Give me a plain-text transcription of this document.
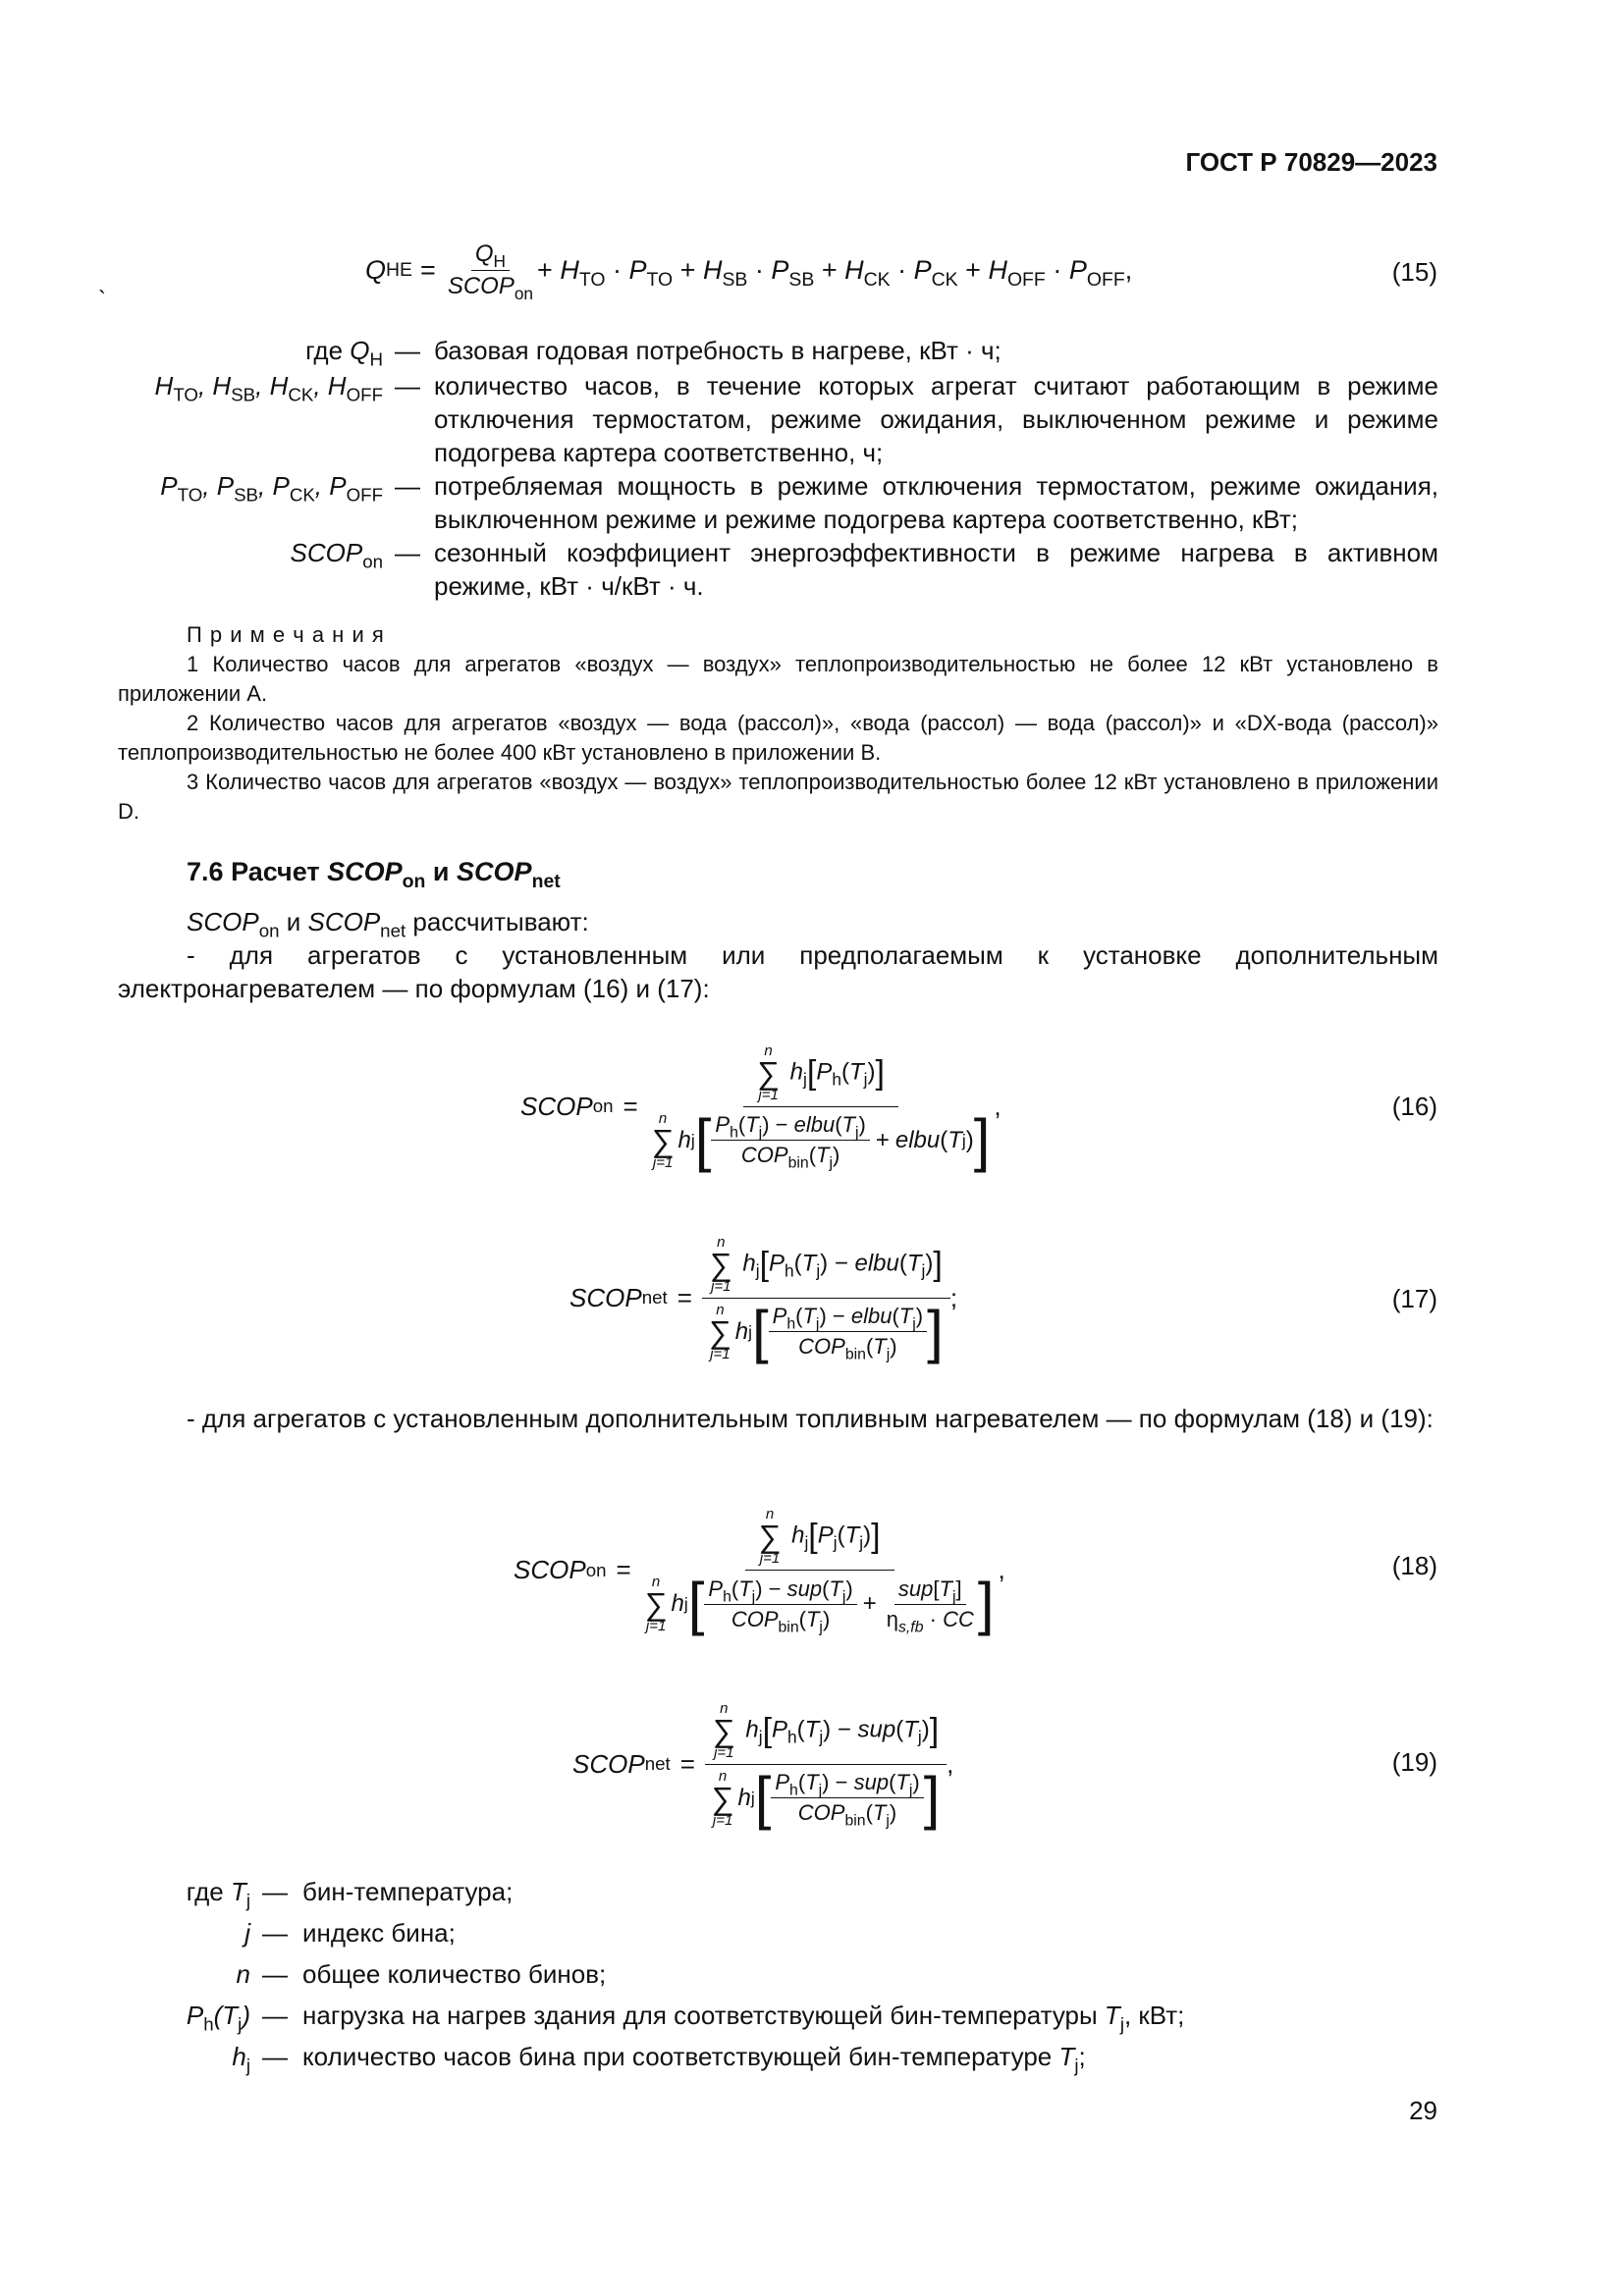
ГОСТ Р 70829—2023
`
Q HE = $\frac{Q_H}{SCOP_{on}} + H_{TO} \cdot P_{TO} + H_{SB} \cdot P_{SB} + H_{CK} \cdot P_{CK} + H_{OFF} \cdot P_{OFF}$ ,	(15)
где $Q_H$ — базовая годовая потребность в нагреве, кВт · ч;
$H_{TO}$, $H_{SB}$, $H_{CK}$, $H_{OFF}$ — количество часов, в течение которых агрегат считают работающим в режиме отключения термостатом, режиме ожидания, выключенном режиме и режиме подогрева картера соответственно, ч;
$P_{TO}$, $P_{SB}$, $P_{CK}$, $P_{OFF}$ — потребляемая мощность в режиме отключения термостатом, режиме ожидания, выключенном режиме и режиме подогрева картера соответственно, кВт;
$SCOP_{on}$ — сезонный коэффициент энергоэффективности в режиме нагрева в активном режиме, кВт · ч/кВт · ч.
П р и м е ч а н и я
1 Количество часов для агрегатов «воздух — воздух» теплопроизводительностью не более 12 кВт установлено в приложении А.
2 Количество часов для агрегатов «воздух — вода (рассол)», «вода (рассол) — вода (рассол)» и «DX-вода (рассол)» теплопроизводительностью не более 400 кВт установлено в приложении В.
3 Количество часов для агрегатов «воздух — воздух» теплопроизводительностью более 12 кВт установлено в приложении D.
7.6 Расчет $SCOP_{on}$ и $SCOP_{net}$
$SCOP_{on}$ и $SCOP_{net}$ рассчитывают:
- для агрегатов с установленным или предполагаемым к установке дополнительным электронагревателем — по формулам (16) и (17):
SCOP on =
n
∑
j=1
$h_j[P_h(T_j)]$
n
∑
j=1
h j [ $\frac{P_h(T_j) - elbu(T_j)}{COP_{bin}(T_j)}$ + elbu ( T j ) ]
,	(16)
SCOP net =
n
∑
j=1
$h_j[P_h(T_j)$ − $elbu(T_j)$]
n
∑
j=1
h j [ $\frac{P_h(T_j) - elbu(T_j)}{COP_{bin}(T_j)}$ ]
;	(17)
- для агрегатов с установленным дополнительным топливным нагревателем — по формулам (18) и (19):
SCOP on =
n
∑
j=1
$h_j[P_j(T_j)]$
n
∑
j=1
h j [ $\frac{P_h(T_j) - sup(T_j)}{COP_{bin}(T_j)} + \frac{sup[T_j]}{\eta_{s,fb} \cdot CC}$ ]
,	(18)
SCOP net =
n
∑
j=1
$h_j[P_h(T_j) - sup(T_j)]$
n
∑
j=1
h j [ $\frac{P_h(T_j) - sup(T_j)}{COP_{bin}(T_j)}$ ]
,	(19)
где $T_j$ — бин-температура;
j — индекс бина;
n — общее количество бинов;
$P_h(T_j)$ — нагрузка на нагрев здания для соответствующей бин-температуры $T_j$, кВт;
$h_j$ — количество часов бина при соответствующей бин-температуре $T_j$;
29
